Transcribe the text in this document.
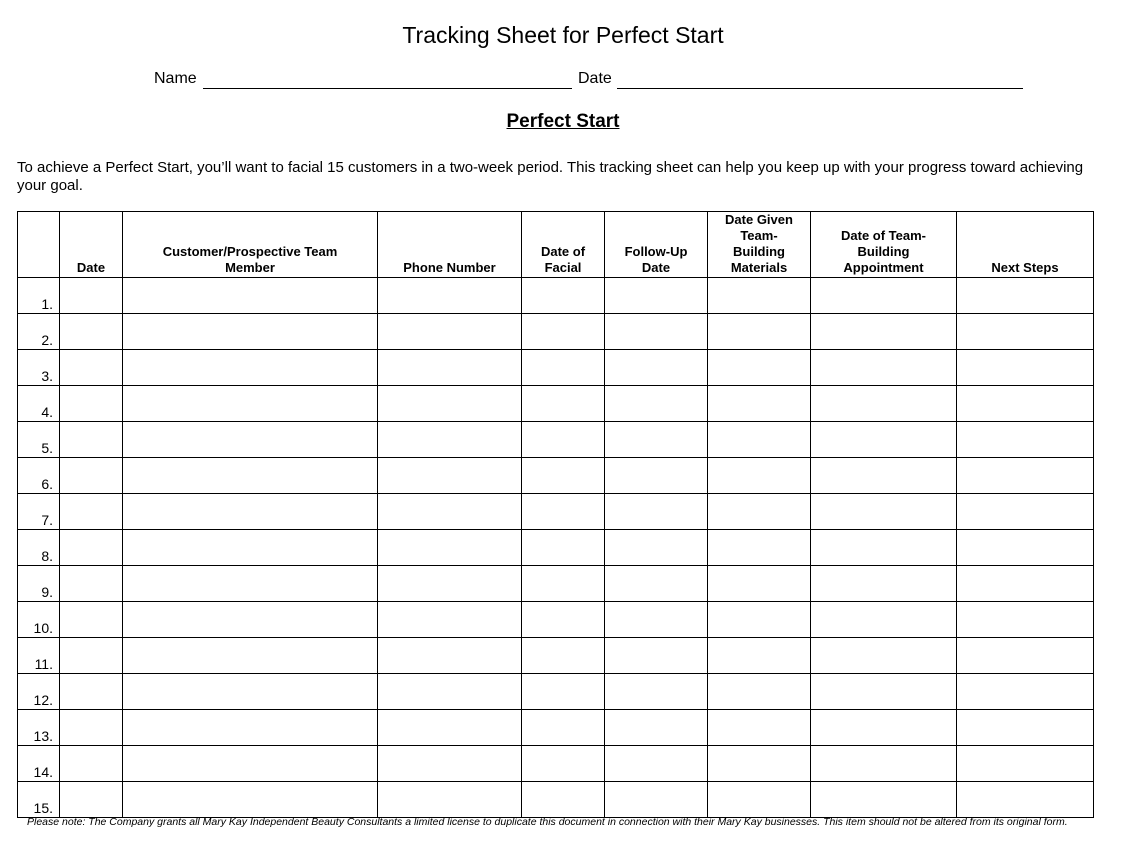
Tracking Sheet for Perfect Start
Name	Date
Perfect Start
To achieve a Perfect Start, you’ll want to facial 15 customers in a two-week period. This tracking sheet can help you keep up with your progress toward achieving your goal.
	Date	Customer/Prospective Team Member	Phone Number	Date of Facial	Follow-Up Date	Date Given Team-Building Materials	Date of Team-Building Appointment	Next Steps
1.								
2.								
3.								
4.								
5.								
6.								
7.								
8.								
9.								
10.								
11.								
12.								
13.								
14.								
15.								
Please note: The Company grants all Mary Kay Independent Beauty Consultants a limited license to duplicate this document in connection with their Mary Kay businesses. This item should not be altered from its original form.
